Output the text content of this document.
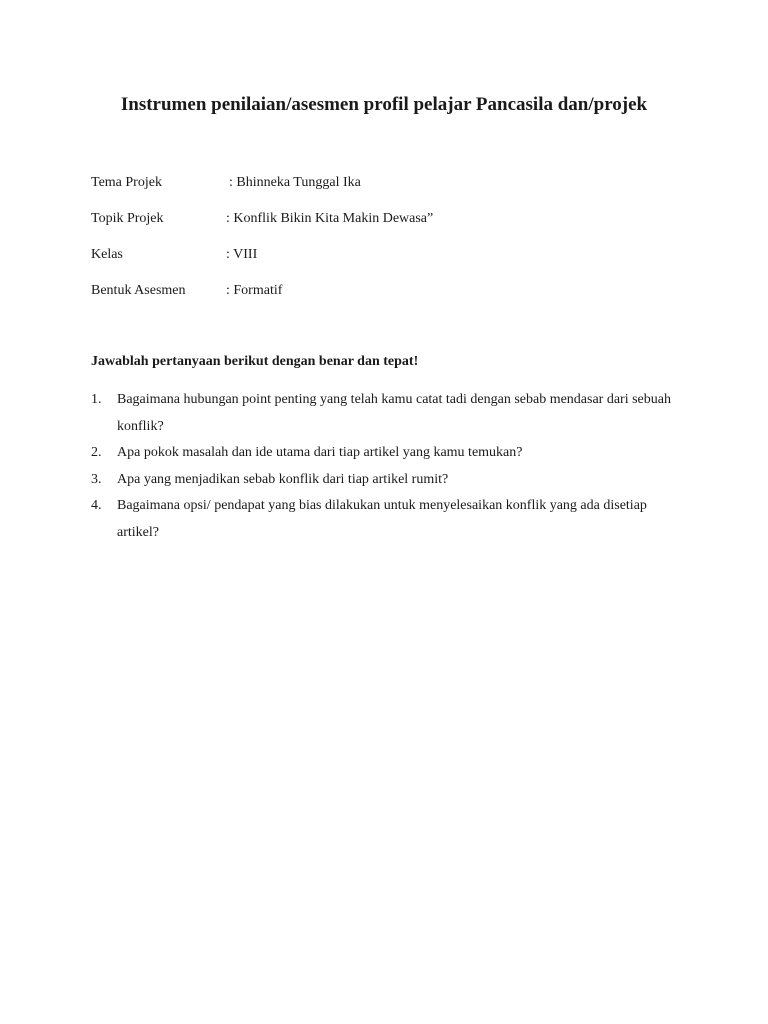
Instrumen penilaian/asesmen profil pelajar Pancasila dan/projek
Tema Projek	: Bhinneka Tunggal Ika
Topik Projek	: Konflik Bikin Kita Makin Dewasa”
Kelas	: VIII
Bentuk Asesmen	: Formatif
Jawablah pertanyaan berikut dengan benar dan tepat!
1.	Bagaimana hubungan point penting yang telah kamu catat tadi dengan sebab mendasar dari sebuah konflik?
2.	Apa pokok masalah dan ide utama dari tiap artikel yang kamu temukan?
3.	Apa yang menjadikan sebab konflik dari tiap artikel rumit?
4.	Bagaimana opsi/ pendapat yang bias dilakukan untuk menyelesaikan konflik yang ada disetiap artikel?
